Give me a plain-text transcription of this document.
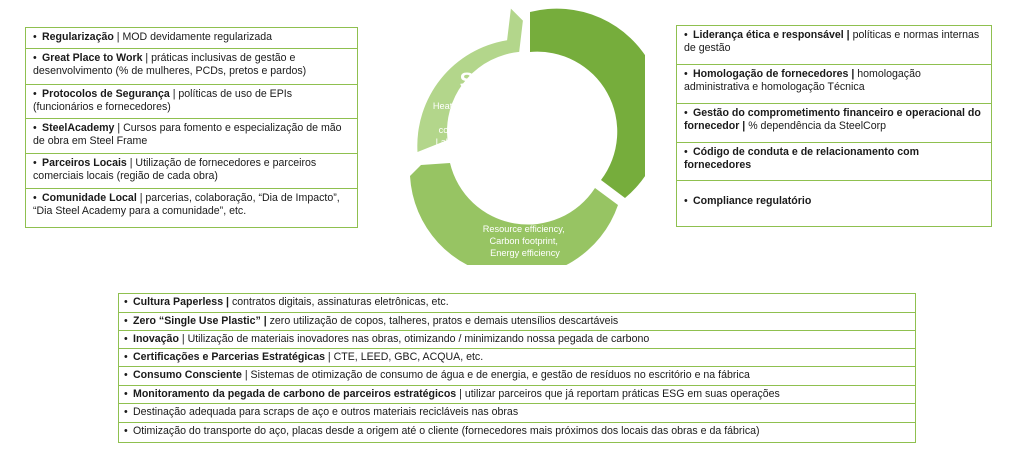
• Regularização | MOD devidamente regularizada
• Great Place to Work | práticas inclusivas de gestão e desenvolvimento (% de mulheres, PCDs, pretos e pardos)
• Protocolos de Segurança | políticas de uso de EPIs (funcionários e fornecedores)
• SteelAcademy | Cursos para fomento e especialização de mão de obra em Steel Frame
• Parceiros Locais | Utilização de fornecedores e parceiros comerciais locais (região de cada obra)
• Comunidade Local | parcerias, colaboração, “Dia de Impacto”, “Dia Steel Academy para a comunidade”, etc.
• Liderança ética e responsável | políticas e normas internas de gestão
• Homologação de fornecedores | homologação administrativa e homologação Técnica
• Gestão do comprometimento financeiro e operacional do fornecedor | % dependência da SteelCorp
• Código de conduta e de relacionamento com fornecedores
• Compliance regulatório
S
Heatlh & Safety, Local communities, Labor practices
G
Ethical Leadership, Supply Chain Mgmt, Compliance
E
Resource efficiency, Carbon footprint, Energy efficiency
• Cultura Paperless | contratos digitais, assinaturas eletrônicas, etc.
• Zero “Single Use Plastic” | zero utilização de copos, talheres, pratos e demais utensílios descartáveis
• Inovação | Utilização de materiais inovadores nas obras, otimizando / minimizando nossa pegada de carbono
• Certificações e Parcerias Estratégicas | CTE, LEED, GBC, ACQUA, etc.
• Consumo Consciente | Sistemas de otimização de consumo de água e de energia, e gestão de resíduos no escritório e na fábrica
• Monitoramento da pegada de carbono de parceiros estratégicos | utilizar parceiros que já reportam práticas ESG em suas operações
• Destinação adequada para scraps de aço e outros materiais recicláveis nas obras
• Otimização do transporte do aço, placas desde a origem até o cliente (fornecedores mais próximos dos locais das obras e da fábrica)
